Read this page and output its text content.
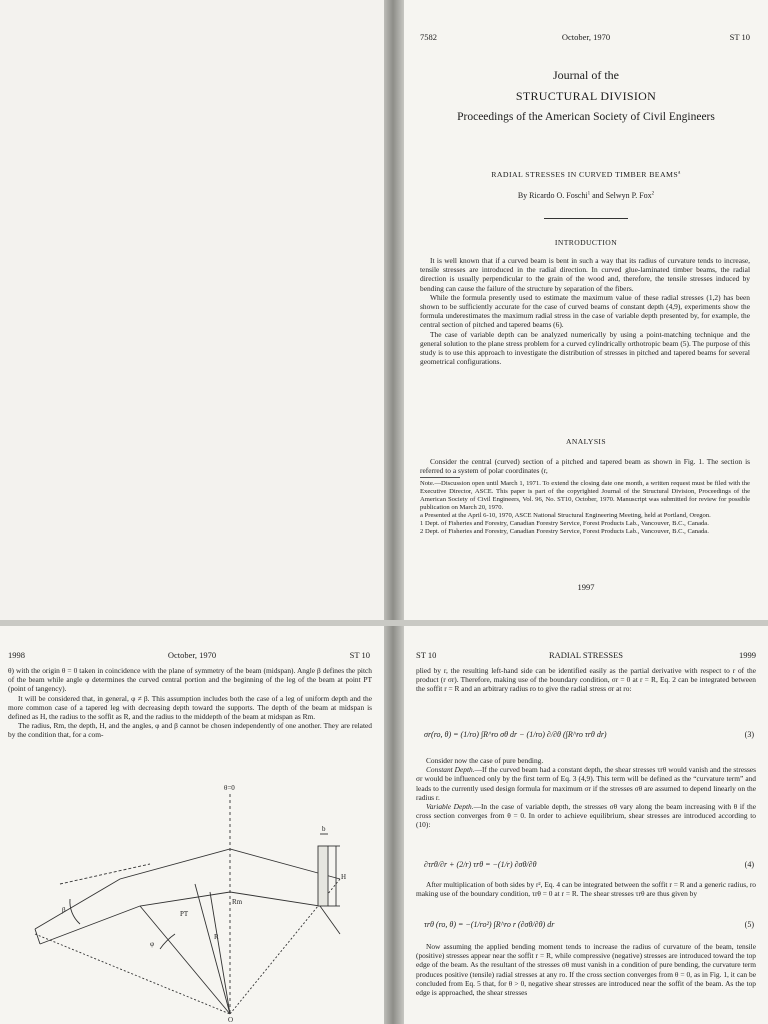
7582	October, 1970	ST 10
Journal of the
STRUCTURAL DIVISION
Proceedings of the American Society of Civil Engineers
RADIAL STRESSES IN CURVED TIMBER BEAMS$^a$
By Ricardo O. Foschi$^1$ and Selwyn P. Fox$^2$
INTRODUCTION

It is well known that if a curved beam is bent in such a way that its radius of curvature tends to increase, tensile stresses are introduced in the radial direction. In curved glue-laminated timber beams, the radial direction is usually perpendicular to the grain of the wood and, therefore, the tensile stresses induced by bending can cause the failure of the structure by separation of the fibers.

While the formula presently used to estimate the maximum value of these radial stresses (1,2) has been shown to be sufficiently accurate for the case of curved beams of constant depth (4,9), experiments show the formula underestimates the maximum radial stress in the case of variable depth presented by, for example, the central section of pitched and tapered beams (6).

The case of variable depth can be analyzed numerically by using a point-matching technique and the general solution to the plane stress problem for a curved cylindrically orthotropic beam (5). The purpose of this study is to use this approach to investigate the distribution of stresses in pitched and tapered beams for several geometrical configurations.

ANALYSIS

Consider the central (curved) section of a pitched and tapered beam as shown in Fig. 1. The section is referred to a system of polar coordinates (r,

Note.—Discussion open until March 1, 1971. To extend the closing date one month, a written request must be filed with the Executive Director, ASCE. This paper is part of the copyrighted Journal of the Structural Division, Proceedings of the American Society of Civil Engineers, Vol. 96, No. ST10, October, 1970. Manuscript was submitted for review for possible publication on March 20, 1970.

a Presented at the April 6-10, 1970, ASCE National Structural Engineering Meeting, held at Portland, Oregon.

1 Dept. of Fisheries and Forestry, Canadian Forestry Service, Forest Products Lab., Vancouver, B.C., Canada.

2 Dept. of Fisheries and Forestry, Canadian Forestry Service, Forest Products Lab., Vancouver, B.C., Canada.

1997
1998	October, 1970	ST 10

θ) with the origin θ = 0 taken in coincidence with the plane of symmetry of the beam (midspan). Angle β defines the pitch of the beam while angle φ determines the curved central portion and the beginning of the leg of the beam at point PT (point of tangency).

It will be considered that, in general, φ ≠ β. This assumption includes both the case of a leg of uniform depth and the more common case of a tapered leg with decreasing depth toward the supports. The depth of the beam at midspan is defined as H, the radius to the soffit as R, and the radius to the middepth of the beam at midspan as Rm.

The radius, Rm, the depth, H, and the angles, φ and β cannot be chosen independently of one another. They are related by the condition that, for a com-

θ=0
PT
Rm
R
H
β
φ
O
b
ST 10	RADIAL STRESSES	1999

plied by r, the resulting left-hand side can be identified easily as the partial derivative with respect to r of the product (r σr). Therefore, making use of the boundary condition, σr = 0 at r = R, Eq. 2 can be integrated between the soffit r = R and an arbitrary radius ro to give the radial stress σr at ro:

σr(ro, θ) = (1/ro) ∫R^ro σθ dr − (1/ro) ∂/∂θ (∫R^ro τrθ dr)	(3)

Consider now the case of pure bending.

Constant Depth.—If the curved beam had a constant depth, the shear stresses τrθ would vanish and the stresses σr would be influenced only by the first term of Eq. 3 (4,9). This term will be defined as the “curvature term” and leads to the currently used design formula for maximum σr if the stresses σθ are assumed to depend linearly on the radius r.

Variable Depth.—In the case of variable depth, the stresses σθ vary along the beam increasing with θ if the cross section converges from θ = 0. In order to achieve equilibrium, shear stresses are introduced according to (10):

∂τrθ/∂r + (2/r) τrθ = −(1/r) ∂σθ/∂θ	(4)

After multiplication of both sides by r², Eq. 4 can be integrated between the soffit r = R and a generic radius, ro making use of the boundary condition, τrθ = 0 at r = R. The shear stresses τrθ are thus given by

τrθ (ro, θ) = −(1/ro²) ∫R^ro r (∂σθ/∂θ) dr	(5)

Now assuming the applied bending moment tends to increase the radius of curvature of the beam, tensile (positive) stresses appear near the soffit r = R, while compressive (negative) stresses are introduced toward the top edge of the beam. As the resultant of the stresses σθ must vanish in a condition of pure bending, the curvature term produces positive (tensile) radial stresses at any ro. If the cross section converges from θ = 0, as in Fig. 1, it can be concluded from Eq. 5 that, for θ > 0, negative shear stresses are introduced near the soffit of the beam. As the top edge is approached, the shear stresses
